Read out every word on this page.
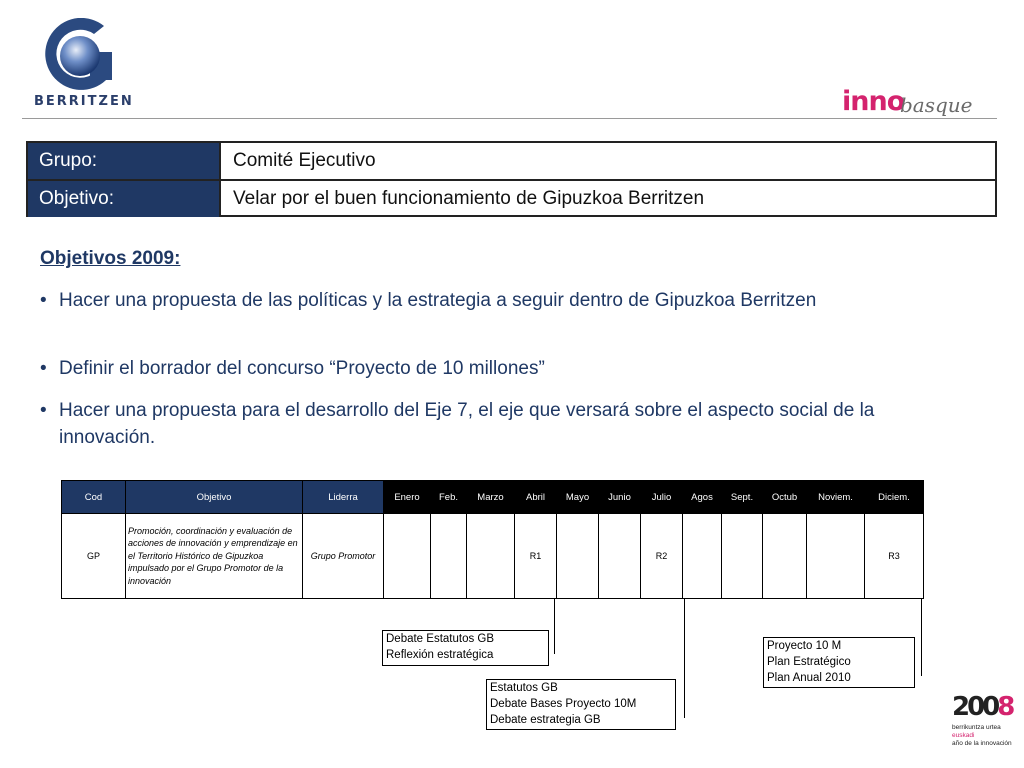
BERRITZEN	inno
basque
Grupo:	Comité Ejecutivo
Objetivo:	Velar por el buen funcionamiento de Gipuzkoa Berritzen
Objetivos 2009:
• Hacer una propuesta de las políticas y la estrategia a seguir dentro de Gipuzkoa Berritzen
• Definir el borrador del concurso “Proyecto de 10 millones”
• Hacer una propuesta para el desarrollo del Eje 7, el eje que versará sobre el aspecto social de la innovación.
Cod	Objetivo	Liderra	Enero	Feb.	Marzo	Abril	Mayo	Junio	Julio	Agos	Sept.	Octub	Noviem.	Diciem.
GP	Promoción, coordinación y evaluación de acciones de innovación y emprendizaje en el Territorio Histórico de Gipuzkoa impulsado por el Grupo Promotor de la innovación	Grupo Promotor				R1			R2					R3
Debate Estatutos GB
Reflexión estratégica
Estatutos GB
Debate Bases Proyecto 10M
Debate estrategia GB
Proyecto 10 M
Plan Estratégico
Plan Anual 2010
2008
berrikuntza urtea
euskadi
año de la innovación
